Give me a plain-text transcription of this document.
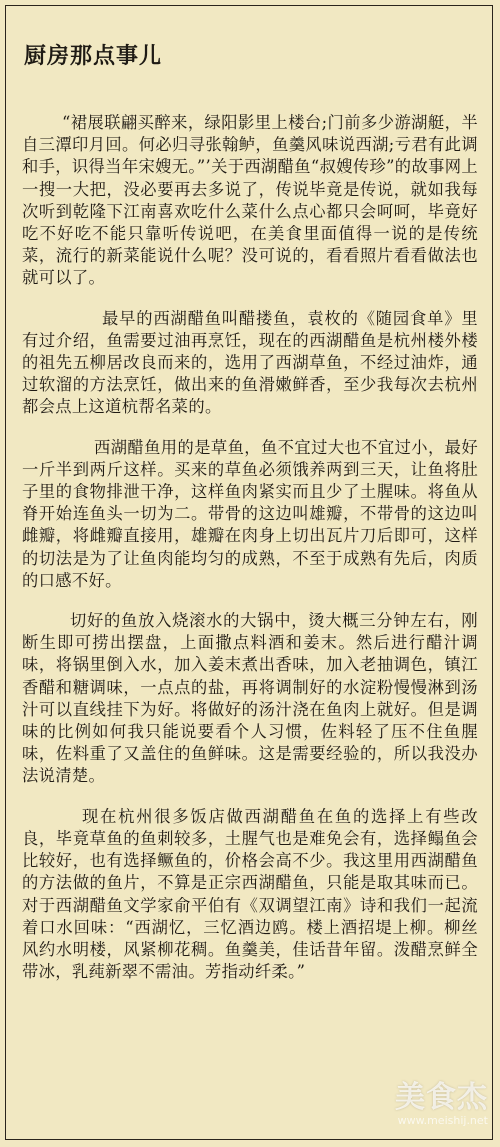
厨房那点事儿

“裙展联翩买醉来，绿阳影里上楼台;门前多少游湖艇，半自三潭印月回。何必归寻张翰鲈，鱼羹风味说西湖;亏君有此调和手，识得当年宋嫂无。”’关于西湖醋鱼“叔嫂传珍”的故事网上一搜一大把，没必要再去多说了，传说毕竟是传说，就如我每次听到乾隆下江南喜欢吃什么菜什么点心都只会呵呵，毕竟好吃不好吃不能只靠听传说吧，在美食里面值得一说的是传统菜，流行的新菜能说什么呢？没可说的，看看照片看看做法也就可以了。

最早的西湖醋鱼叫醋搂鱼，袁枚的《随园食单》里有过介绍，鱼需要过油再烹饪，现在的西湖醋鱼是杭州楼外楼的祖先五柳居改良而来的，选用了西湖草鱼，不经过油炸，通过软溜的方法烹饪，做出来的鱼滑嫩鲜香，至少我每次去杭州都会点上这道杭帮名菜的。

西湖醋鱼用的是草鱼，鱼不宜过大也不宜过小，最好一斤半到两斤这样。买来的草鱼必须饿养两到三天，让鱼将肚子里的食物排泄干净，这样鱼肉紧实而且少了土腥味。将鱼从脊开始连鱼头一切为二。带骨的这边叫雄瓣，不带骨的这边叫雌瓣，将雌瓣直接用，雄瓣在肉身上切出瓦片刀后即可，这样的切法是为了让鱼肉能均匀的成熟，不至于成熟有先后，肉质的口感不好。

切好的鱼放入烧滚水的大锅中，烫大概三分钟左右，刚断生即可捞出摆盘，上面撒点料酒和姜末。然后进行醋汁调味，将锅里倒入水，加入姜末煮出香味，加入老抽调色，镇江香醋和糖调味，一点点的盐，再将调制好的水淀粉慢慢淋到汤汁可以直线挂下为好。将做好的汤汁浇在鱼肉上就好。但是调味的比例如何我只能说要看个人习惯，佐料轻了压不住鱼腥味，佐料重了又盖住的鱼鲜味。这是需要经验的，所以我没办法说清楚。

现在杭州很多饭店做西湖醋鱼在鱼的选择上有些改良，毕竟草鱼的鱼刺较多，土腥气也是难免会有，选择鳎鱼会比较好，也有选择鳜鱼的，价格会高不少。我这里用西湖醋鱼的方法做的鱼片，不算是正宗西湖醋鱼，只能是取其味而已。对于西湖醋鱼文学家俞平伯有《双调望江南》诗和我们一起流着口水回味：“西湖忆，三忆酒边鸥。楼上酒招堤上柳。柳丝风约水明楼，风紧柳花稠。鱼羹美，佳话昔年留。泼醋烹鲜全带冰，乳莼新翠不需油。芳指动纤柔。”

美食杰
www.meishij.net
